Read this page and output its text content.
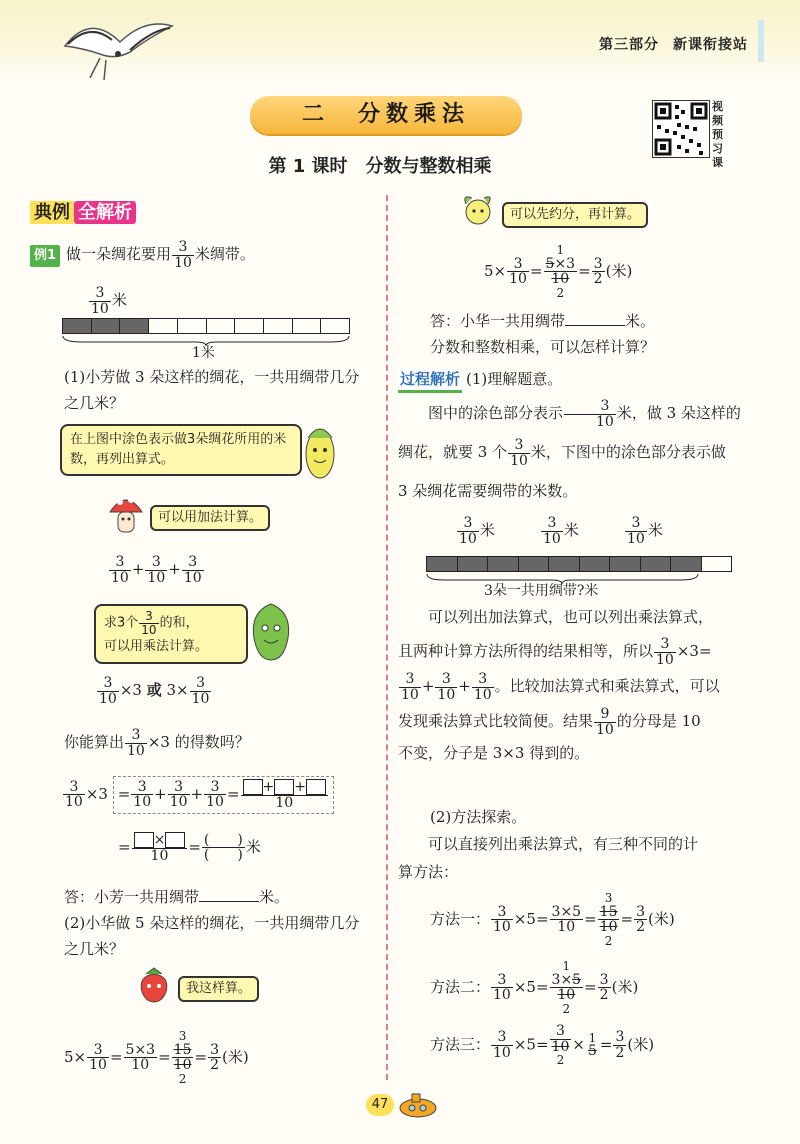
第三部分 新课衔接站
二　分数乘法
第 1 课时　分数与整数相乘
视
频
预
习
课
典例 全解析
例1 做一朵绸花要用 $\frac{3}{10}$ 米绸带。
$\frac{3}{10}$ 米
1米
(1)小芳做 3 朵这样的绸花，一共用绸带几分之几米？
在上图中涂色表示做3朵绸花所用的米数，再列出算式。
可以用加法计算。
$\frac{3}{10} + \frac{3}{10} + \frac{3}{10}$
求3个 $\frac{3}{10}$ 的和，
可以用乘法计算。
$\frac{3}{10} \times 3$ 或 $3\times \frac{3}{10}$
你能算出 $\frac{3}{10} \times 3$ 的得数吗？
$\frac{3}{10} \times 3 = \frac{3}{10} + \frac{3}{10} + \frac{3}{10} = \frac{+ +}{10}$
= $\frac{\times}{10} = \frac{( )}{( )}$ 米
答：小芳一共用绸带	米。
(2)小华做 5 朵这样的绸花，一共用绸带几分之几米？
我这样算。
$5\times \frac{3}{10} = \frac{5\times 3}{10}$ =
3
15
10
2
= $\frac{3}{2}$ (米)
可以先约分，再计算。
$5\times \frac{3}{10}$ =
1
5×3
10
2
= $\frac{3}{2}$ (米)
答：小华一共用绸带	米。
分数和整数相乘，可以怎样计算？
过程解析 (1)理解题意。
图中的涂色部分表示 $\frac{3}{10}$ 米，做 3 朵这样的
绸花，就要 3 个 $\frac{3}{10}$ 米，下图中的涂色部分表示做
3 朵绸花需要绸带的米数。
$\frac{3}{10}$ 米	$\frac{3}{10}$ 米	$\frac{3}{10}$ 米
3朵一共用绸带?米
可以列出加法算式，也可以列出乘法算式，
且两种计算方法所得的结果相等，所以 $\frac{3}{10} \times 3=$
$\frac{3}{10} + \frac{3}{10} + \frac{3}{10}$ 。比较加法算式和乘法算式，可以
发现乘法算式比较简便。结果 $\frac{9}{10}$ 的分母是 10
不变，分子是 3×3 得到的。
(2)方法探索。
可以直接列出乘法算式，有三种不同的计
算方法：
方法一： $\frac{3}{10} \times 5= \frac{3\times 5}{10}$ =
3
15
10
2
= $\frac{3}{2}$ (米)
方法二： $\frac{3}{10} \times 5=$
1
3×5
10
2
= $\frac{3}{2}$ (米)
方法三： $\frac{3}{10} \times 5=$
3
10
2
× 1
$5 = \frac{3}{2}$ (米)
47
